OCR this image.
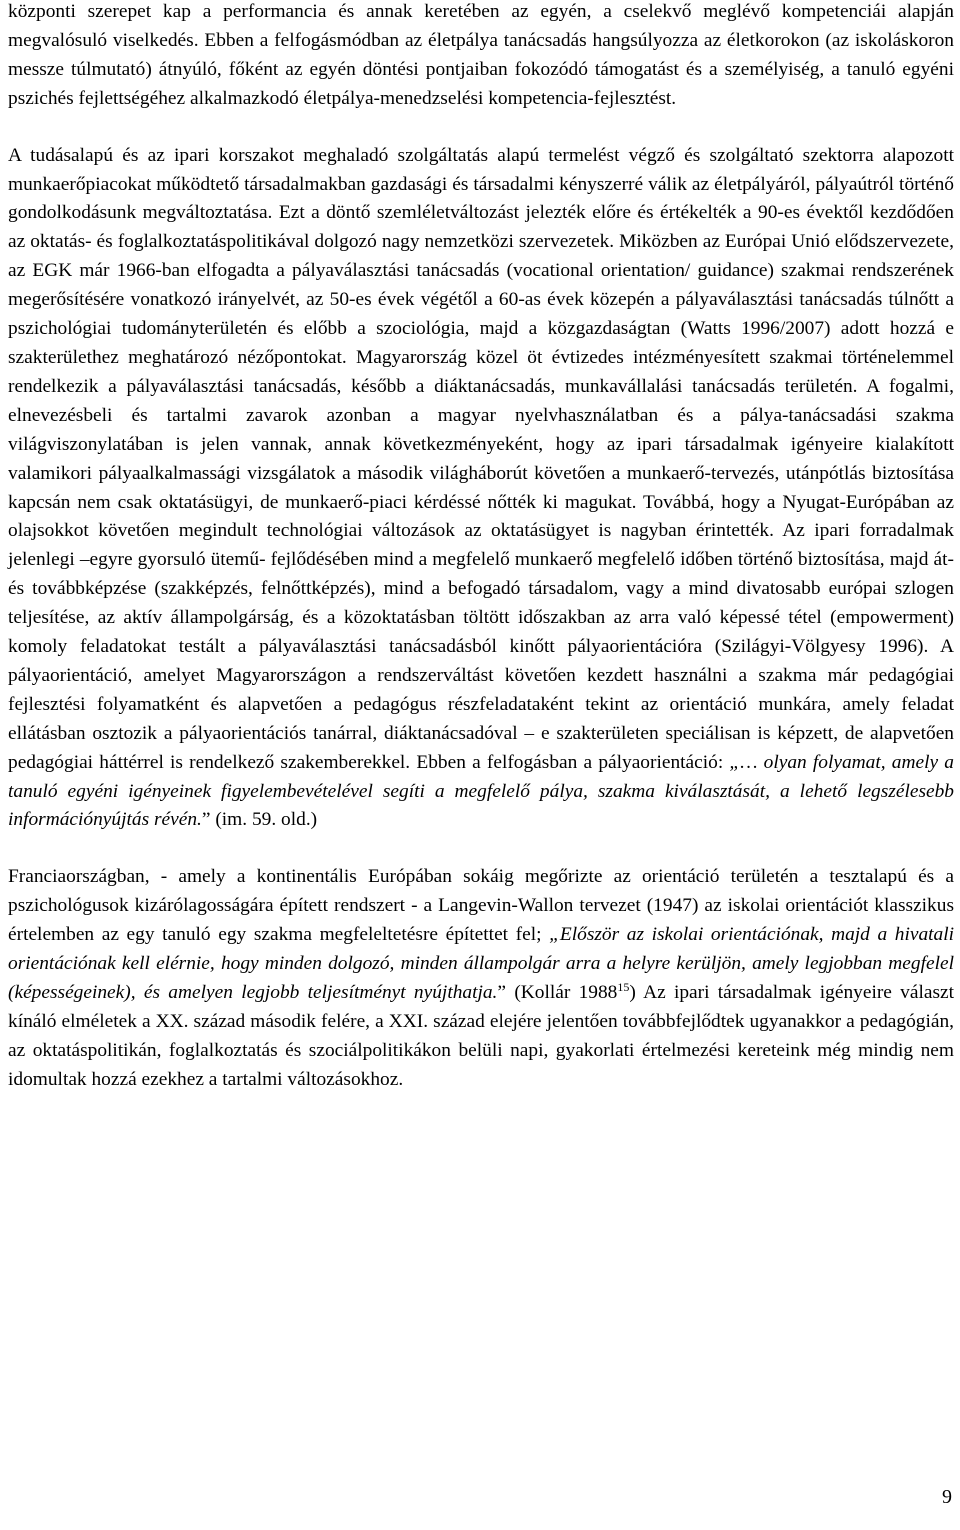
központi szerepet kap a performancia és annak keretében az egyén, a cselekvő meglévő kompetenciái alapján megvalósuló viselkedés. Ebben a felfogásmódban az életpálya tanácsadás hangsúlyozza az életkorokon (az iskoláskoron messze túlmutató) átnyúló, főként az egyén döntési pontjaiban fokozódó támogatást és a személyiség, a tanuló egyéni pszichés fejlettségéhez alkalmazkodó életpálya-menedzselési kompetencia-fejlesztést.

A tudásalapú és az ipari korszakot meghaladó szolgáltatás alapú termelést végző és szolgáltató szektorra alapozott munkaerőpiacokat működtető társadalmakban gazdasági és társadalmi kényszerré válik az életpályáról, pályaútról történő gondolkodásunk megváltoztatása. Ezt a döntő szemléletváltozást jelezték előre és értékelték a 90-es évektől kezdődően az oktatás- és foglalkoztatáspolitikával dolgozó nagy nemzetközi szervezetek. Miközben az Európai Unió elődszervezete, az EGK már 1966-ban elfogadta a pályaválasztási tanácsadás (vocational orientation/ guidance) szakmai rendszerének megerősítésére vonatkozó irányelvét, az 50-es évek végétől a 60-as évek közepén a pályaválasztási tanácsadás túlnőtt a pszichológiai tudományterületén és előbb a szociológia, majd a közgazdaságtan (Watts 1996/2007) adott hozzá e szakterülethez meghatározó nézőpontokat. Magyarország közel öt évtizedes intézményesített szakmai történelemmel rendelkezik a pályaválasztási tanácsadás, később a diáktanácsadás, munkavállalási tanácsadás területén. A fogalmi, elnevezésbeli és tartalmi zavarok azonban a magyar nyelvhasználatban és a pálya-tanácsadási szakma világviszonylatában is jelen vannak, annak következményeként, hogy az ipari társadalmak igényeire kialakított valamikori pályaalkalmassági vizsgálatok a második világháborút követően a munkaerő-tervezés, utánpótlás biztosítása kapcsán nem csak oktatásügyi, de munkaerő-piaci kérdéssé nőtték ki magukat. Továbbá, hogy a Nyugat-Európában az olajsokkot követően megindult technológiai változások az oktatásügyet is nagyban érintették. Az ipari forradalmak jelenlegi –egyre gyorsuló ütemű- fejlődésében mind a megfelelő munkaerő megfelelő időben történő biztosítása, majd át- és továbbképzése (szakképzés, felnőttképzés), mind a befogadó társadalom, vagy a mind divatosabb európai szlogen teljesítése, az aktív állampolgárság, és a közoktatásban töltött időszakban az arra való képessé tétel (empowerment) komoly feladatokat testált a pályaválasztási tanácsadásból kinőtt pályaorientációra (Szilágyi-Völgyesy 1996). A pályaorientáció, amelyet Magyarországon a rendszerváltást követően kezdett használni a szakma már pedagógiai fejlesztési folyamatként és alapvetően a pedagógus részfeladataként tekint az orientáció munkára, amely feladat ellátásban osztozik a pályaorientációs tanárral, diáktanácsadóval – e szakterületen speciálisan is képzett, de alapvetően pedagógiai háttérrel is rendelkező szakemberekkel. Ebben a felfogásban a pályaorientáció: „… olyan folyamat, amely a tanuló egyéni igényeinek figyelembevételével segíti a megfelelő pálya, szakma kiválasztását, a lehető legszélesebb információnyújtás révén.” (im. 59. old.)

Franciaországban, - amely a kontinentális Európában sokáig megőrizte az orientáció területén a tesztalapú és a pszichológusok kizárólagosságára épített rendszert - a Langevin-Wallon tervezet (1947) az iskolai orientációt klasszikus értelemben az egy tanuló egy szakma megfeleltetésre építettet fel; „Először az iskolai orientációnak, majd a hivatali orientációnak kell elérnie, hogy minden dolgozó, minden állampolgár arra a helyre kerüljön, amely legjobban megfelel (képességeinek), és amelyen legjobb teljesítményt nyújthatja.” (Kollár 1988$^{15}$) Az ipari társadalmak igényeire választ kínáló elméletek a XX. század második felére, a XXI. század elejére jelentően továbbfejlődtek ugyanakkor a pedagógián, az oktatáspolitikán, foglalkoztatás és szociálpolitikákon belüli napi, gyakorlati értelmezési kereteink még mindig nem idomultak hozzá ezekhez a tartalmi változásokhoz.

9
